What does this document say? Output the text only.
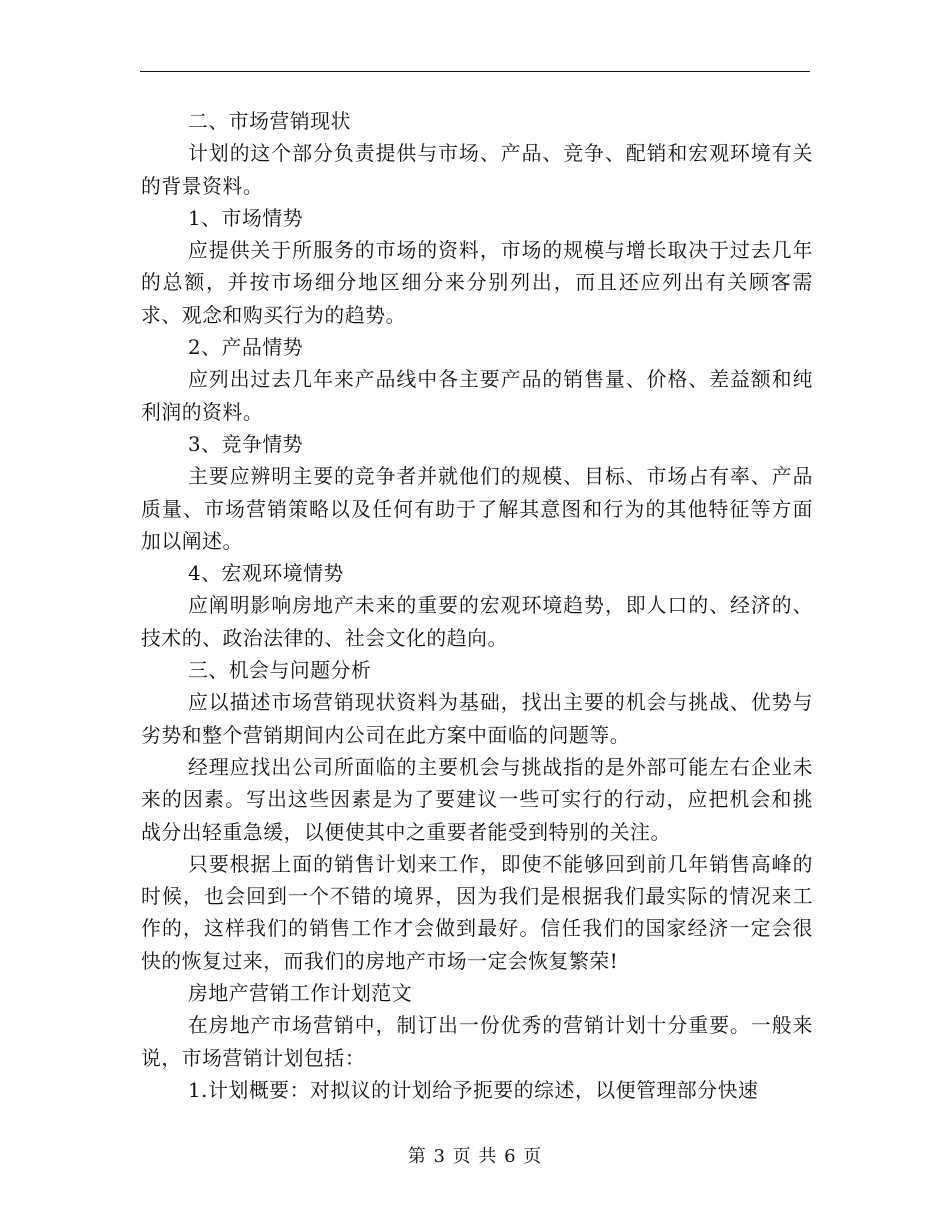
二、市场营销现状

计划的这个部分负责提供与市场、产品、竞争、配销和宏观环境有关的背景资料。

1、市场情势

应提供关于所服务的市场的资料，市场的规模与增长取决于过去几年的总额，并按市场细分地区细分来分别列出，而且还应列出有关顾客需求、观念和购买行为的趋势。

2、产品情势

应列出过去几年来产品线中各主要产品的销售量、价格、差益额和纯利润的资料。

3、竞争情势

主要应辨明主要的竞争者并就他们的规模、目标、市场占有率、产品质量、市场营销策略以及任何有助于了解其意图和行为的其他特征等方面加以阐述。

4、宏观环境情势

应阐明影响房地产未来的重要的宏观环境趋势，即人口的、经济的、技术的、政治法律的、社会文化的趋向。

三、机会与问题分析

应以描述市场营销现状资料为基础，找出主要的机会与挑战、优势与劣势和整个营销期间内公司在此方案中面临的问题等。

经理应找出公司所面临的主要机会与挑战指的是外部可能左右企业未来的因素。写出这些因素是为了要建议一些可实行的行动，应把机会和挑战分出轻重急缓，以便使其中之重要者能受到特别的关注。

只要根据上面的销售计划来工作，即使不能够回到前几年销售高峰的时候，也会回到一个不错的境界，因为我们是根据我们最实际的情况来工作的，这样我们的销售工作才会做到最好。信任我们的国家经济一定会很快的恢复过来，而我们的房地产市场一定会恢复繁荣!

房地产营销工作计划范文

在房地产市场营销中，制订出一份优秀的营销计划十分重要。一般来说，市场营销计划包括：

1.计划概要：对拟议的计划给予扼要的综述，以便管理部分快速

第 3 页 共 6 页
